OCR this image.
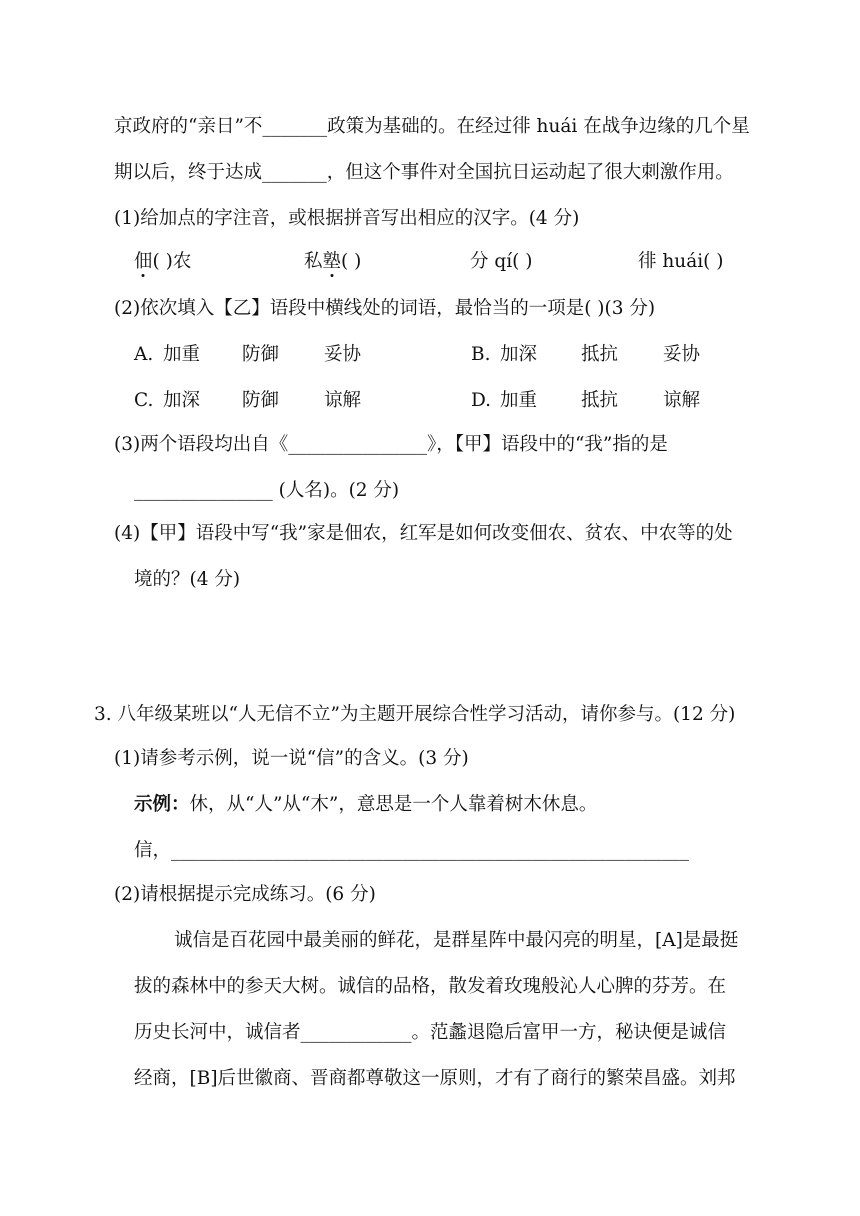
京政府的“亲日”不_______政策为基础的。在经过徘 huái 在战争边缘的几个星
期以后，终于达成_______，但这个事件对全国抗日运动起了很大刺激作用。
(1)给加点的字注音，或根据拼音写出相应的汉字。(4 分)
佃( )农	私塾( )	分 qí( )	徘 huái( )
(2)依次填入【乙】语段中横线处的词语，最恰当的一项是( )(3 分)
A. 加重 防御 妥协	B. 加深 抵抗 妥协
C. 加深 防御 谅解	D. 加重 抵抗 谅解
(3)两个语段均出自《_______________》，【甲】语段中的“我”指的是
_______________ (人名)。(2 分)
(4)【甲】语段中写“我”家是佃农，红军是如何改变佃农、贫农、中农等的处
境的？(4 分)
3. 八年级某班以“人无信不立”为主题开展综合性学习活动，请你参与。(12 分)
(1)请参考示例，说一说“信”的含义。(3 分)
示例：休，从“人”从“木”，意思是一个人靠着树木休息。
信，________________________________________________________
(2)请根据提示完成练习。(6 分)
诚信是百花园中最美丽的鲜花，是群星阵中最闪亮的明星，[A]是最挺
拔的森林中的参天大树。诚信的品格，散发着玫瑰般沁人心脾的芬芳。在
历史长河中，诚信者____________。范蠡退隐后富甲一方，秘诀便是诚信
经商，[B]后世徽商、晋商都尊敬这一原则，才有了商行的繁荣昌盛。刘邦
